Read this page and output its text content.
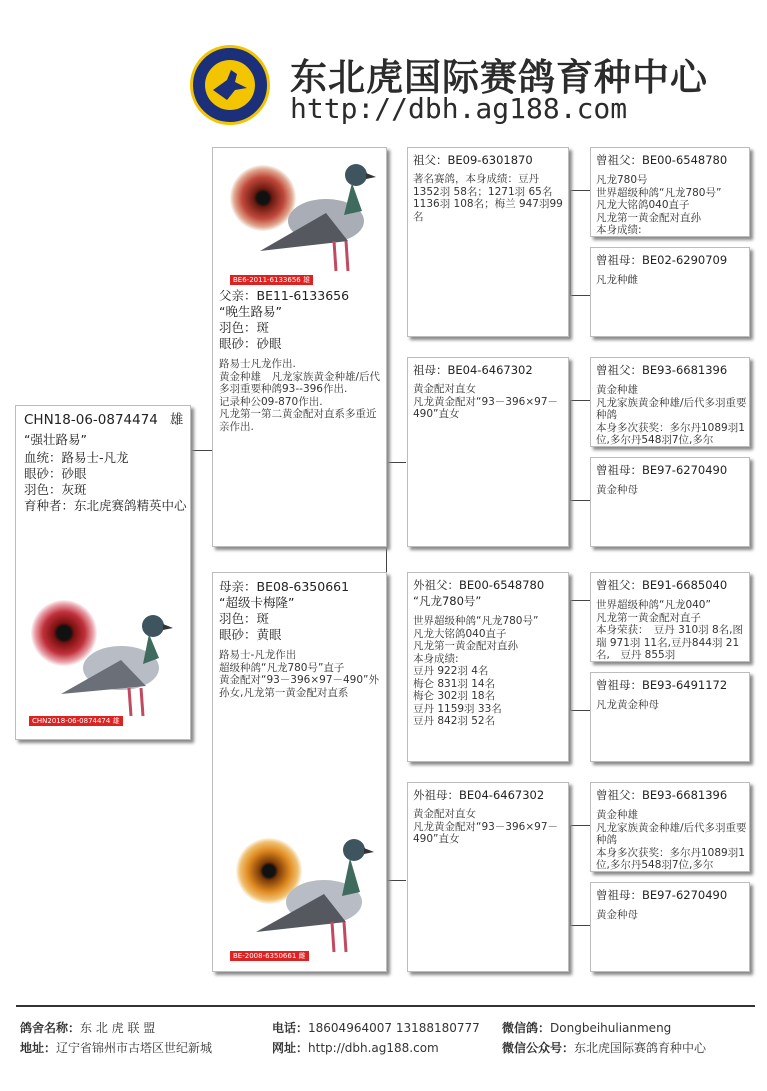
东北虎国际赛鸽育种中心
http://dbh.ag188.com
CHN18-06-0874474 雄
“强壮路易”
血统：路易士-凡龙
眼砂：砂眼
羽色：灰斑
育种者：东北虎赛鸽精英中心
CHN2018-06-0874474 雄
BE6-2011-6133656 雄
父亲：BE11-6133656
“晚生路易”
羽色：斑
眼砂：砂眼
路易士凡龙作出.
黄金种雄　凡龙家族黄金种雄/后代多羽重要种鸽93--396作出.
记录种公09-870作出.
凡龙第一第二黄金配对直系多重近亲作出.
母亲：BE08-6350661
“超级卡梅隆”
羽色：斑
眼砂：黄眼
路易士-凡龙作出
超级种鸽“凡龙780号”直子
黄金配对“93－396×97－490”外孙女,凡龙第一黄金配对直系
BE-2008-6350661 雌
祖父：BE09-6301870
著名赛鸽，本身成绩：豆丹1352羽 58名；1271羽 65名1136羽 108名；梅兰 947羽99名
祖母：BE04-6467302
黄金配对直女
凡龙黄金配对“93－396×97－490”直女
外祖父：BE00-6548780
“凡龙780号”
世界超级种鸽“凡龙780号”
凡龙大铭鸽040直子
凡龙第一黄金配对直孙
本身成绩:
豆丹 922羽 4名
梅仑 831羽 14名
梅仑 302羽 18名
豆丹 1159羽 33名
豆丹 842羽 52名
外祖母：BE04-6467302
黄金配对直女
凡龙黄金配对“93－396×97－490”直女
曾祖父：BE00-6548780
凡龙780号
世界超级种鸽“凡龙780号”
凡龙大铭鸽040直子
凡龙第一黄金配对直孙
本身成绩:
曾祖母：BE02-6290709
凡龙种雌
曾祖父：BE93-6681396
黄金种雄
凡龙家族黄金种雄/后代多羽重要种鸽
本身多次获奖：多尔丹1089羽1位,多尔丹548羽7位,多尔
曾祖母：BE97-6270490
黄金种母
曾祖父：BE91-6685040
世界超级种鸽“凡龙040”
凡龙第一黄金配对直子
本身荣获：　豆丹 310羽 8名,图瑞 971羽 11名,豆丹844羽 21名,　豆丹 855羽
曾祖母：BE93-6491172
凡龙黄金种母
曾祖父：BE93-6681396
黄金种雄
凡龙家族黄金种雄/后代多羽重要种鸽
本身多次获奖：多尔丹1089羽1位,多尔丹548羽7位,多尔
曾祖母：BE97-6270490
黄金种母
鸽舍名称：东 北 虎 联 盟	电话：18604964007 13188180777 微信鸽：Dongbeihulianmeng
地址：辽宁省锦州市古塔区世纪新城	网址：http://dbh.ag188.com	微信公众号：东北虎国际赛鸽育种中心
